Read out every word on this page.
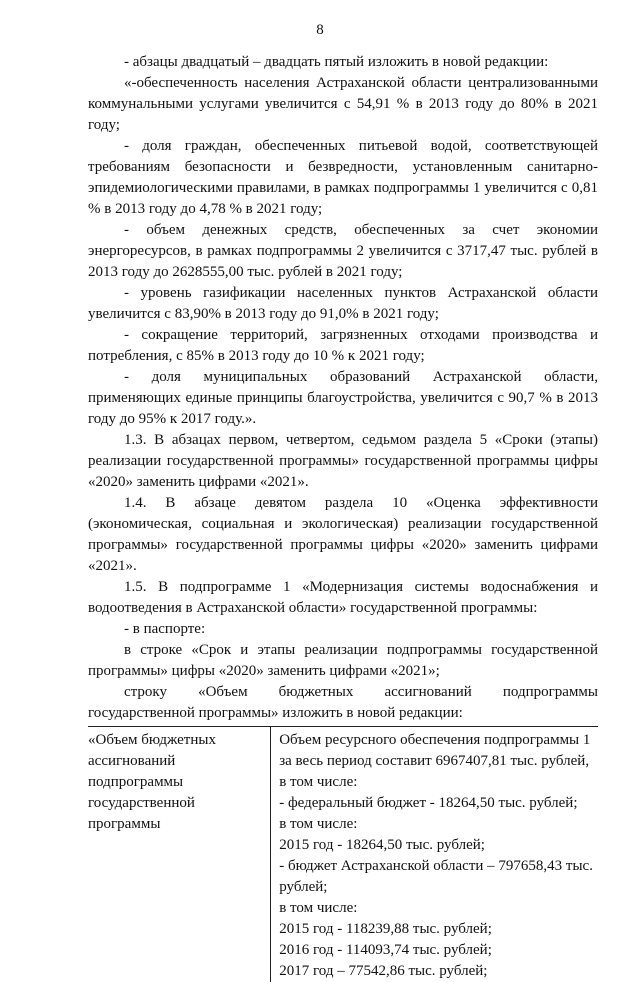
8

- абзацы двадцатый – двадцать пятый изложить в новой редакции:

«-обеспеченность населения Астраханской области централизованными коммунальными услугами увеличится с 54,91 % в 2013 году до 80% в 2021 году;

- доля граждан, обеспеченных питьевой водой, соответствующей требованиям безопасности и безвредности, установленным санитарно-эпидемиологическими правилами, в рамках подпрограммы 1 увеличится с 0,81 % в 2013 году до 4,78 % в 2021 году;

- объем денежных средств, обеспеченных за счет экономии энергоресурсов, в рамках подпрограммы 2 увеличится с 3717,47 тыс. рублей в 2013 году до 2628555,00 тыс. рублей в 2021 году;

- уровень газификации населенных пунктов Астраханской области увеличится с 83,90% в 2013 году до 91,0% в 2021 году;

- сокращение территорий, загрязненных отходами производства и потребления, с 85% в 2013 году до 10 % к 2021 году;

- доля муниципальных образований Астраханской области, применяющих единые принципы благоустройства, увеличится с 90,7 % в 2013 году до 95% к 2017 году.».

1.3. В абзацах первом, четвертом, седьмом раздела 5 «Сроки (этапы) реализации государственной программы» государственной программы цифры «2020» заменить цифрами «2021».

1.4. В абзаце девятом раздела 10 «Оценка эффективности (экономическая, социальная и экологическая) реализации государственной программы» государственной программы цифры «2020» заменить цифрами «2021».

1.5. В подпрограмме 1 «Модернизация системы водоснабжения и водоотведения в Астраханской области» государственной программы:

- в паспорте:

в строке «Срок и этапы реализации подпрограммы государственной программы» цифры «2020» заменить цифрами «2021»;

строку «Объем бюджетных ассигнований подпрограммы государственной программы» изложить в новой редакции:

«Объем бюджетных ассигнований подпрограммы государственной программы
Объем ресурсного обеспечения подпрограммы 1 за весь период составит 6967407,81 тыс. рублей, в том числе:
- федеральный бюджет - 18264,50 тыс. рублей;
в том числе:
2015 год - 18264,50 тыс. рублей;
- бюджет Астраханской области – 797658,43 тыс. рублей;
в том числе:
2015 год - 118239,88 тыс. рублей;
2016 год - 114093,74 тыс. рублей;
2017 год – 77542,86 тыс. рублей;
